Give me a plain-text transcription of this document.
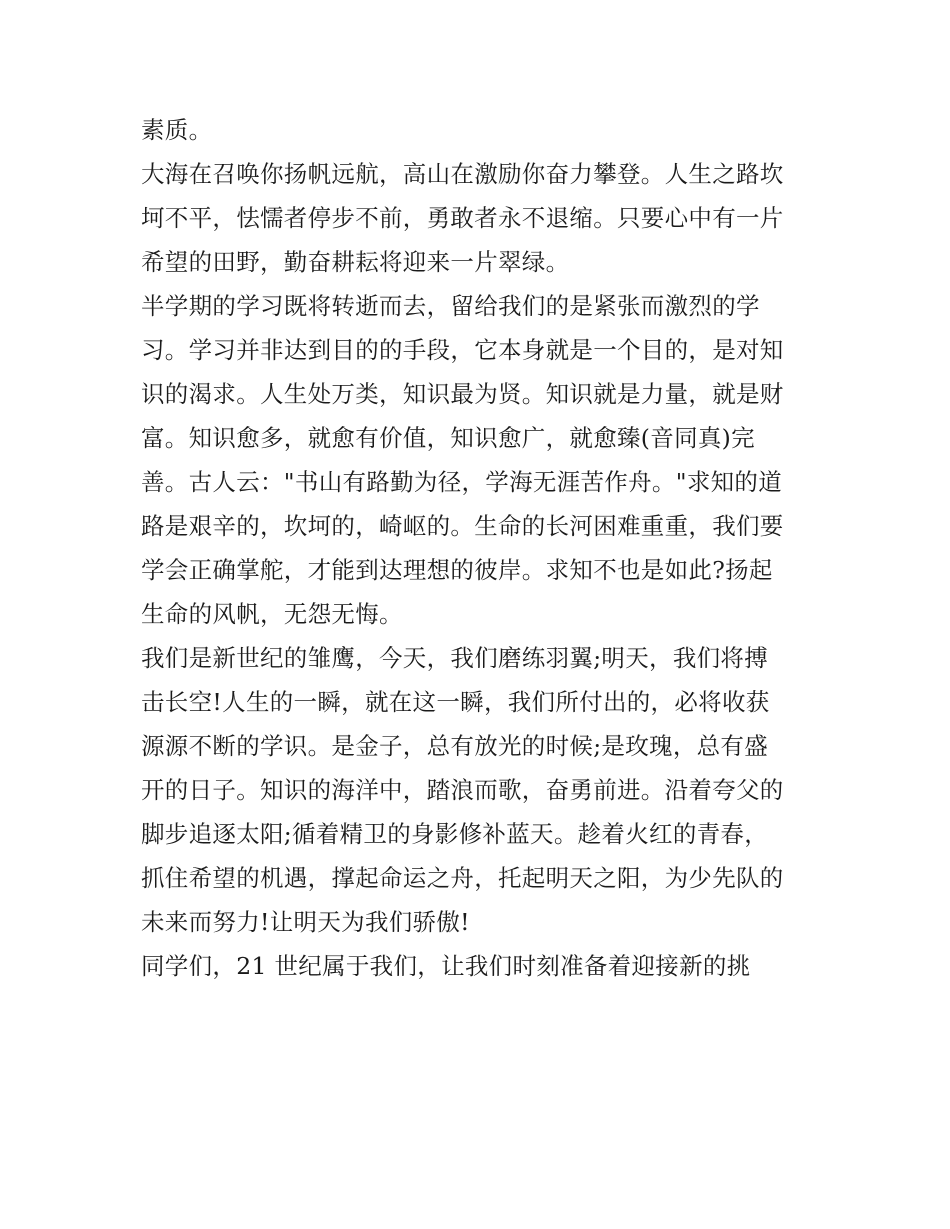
素质。
大海在召唤你扬帆远航，高山在激励你奋力攀登。人生之路坎
坷不平，怯懦者停步不前，勇敢者永不退缩。只要心中有一片
希望的田野，勤奋耕耘将迎来一片翠绿。
半学期的学习既将转逝而去，留给我们的是紧张而激烈的学
习。学习并非达到目的的手段，它本身就是一个目的，是对知
识的渴求。人生处万类，知识最为贤。知识就是力量，就是财
富。知识愈多，就愈有价值，知识愈广，就愈臻(音同真)完
善。古人云："书山有路勤为径，学海无涯苦作舟。"求知的道
路是艰辛的，坎坷的，崎岖的。生命的长河困难重重，我们要
学会正确掌舵，才能到达理想的彼岸。求知不也是如此?扬起
生命的风帆，无怨无悔。
我们是新世纪的雏鹰，今天，我们磨练羽翼;明天，我们将搏
击长空!人生的一瞬，就在这一瞬，我们所付出的，必将收获
源源不断的学识。是金子，总有放光的时候;是玫瑰，总有盛
开的日子。知识的海洋中，踏浪而歌，奋勇前进。沿着夸父的
脚步追逐太阳;循着精卫的身影修补蓝天。趁着火红的青春，
抓住希望的机遇，撑起命运之舟，托起明天之阳，为少先队的
未来而努力!让明天为我们骄傲!
同学们，21 世纪属于我们，让我们时刻准备着迎接新的挑
